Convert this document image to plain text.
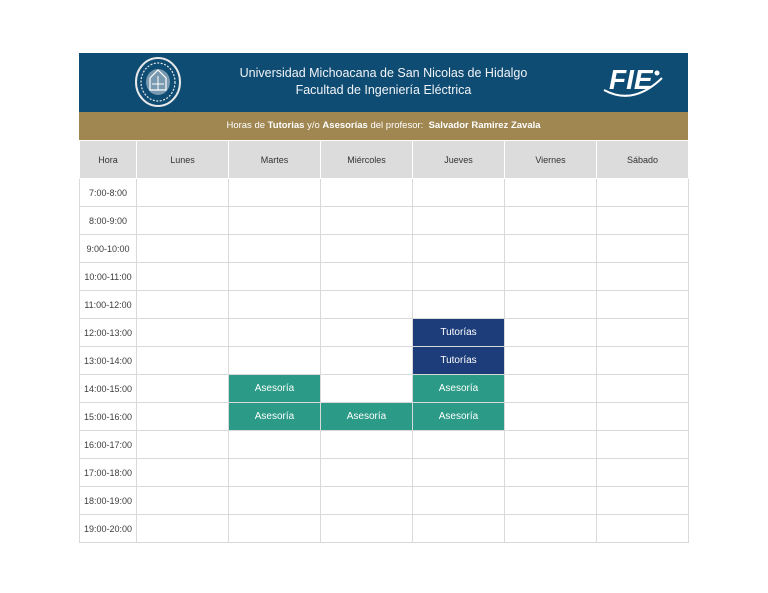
Universidad Michoacana de San Nicolas de Hidalgo
Facultad de Ingeniería Eléctrica	FIE
Horas de Tutorias y/o Asesorías del profesor: Salvador Ramirez Zavala
Hora	Lunes	Martes	Miércoles	Jueves	Viernes	Sábado
7:00-8:00						
8:00-9:00						
9:00-10:00						
10:00-11:00						
11:00-12:00						
12:00-13:00				Tutorías		
13:00-14:00				Tutorías		
14:00-15:00		Asesoría		Asesoría		
15:00-16:00		Asesoría	Asesoría	Asesoría		
16:00-17:00						
17:00-18:00						
18:00-19:00						
19:00-20:00						
